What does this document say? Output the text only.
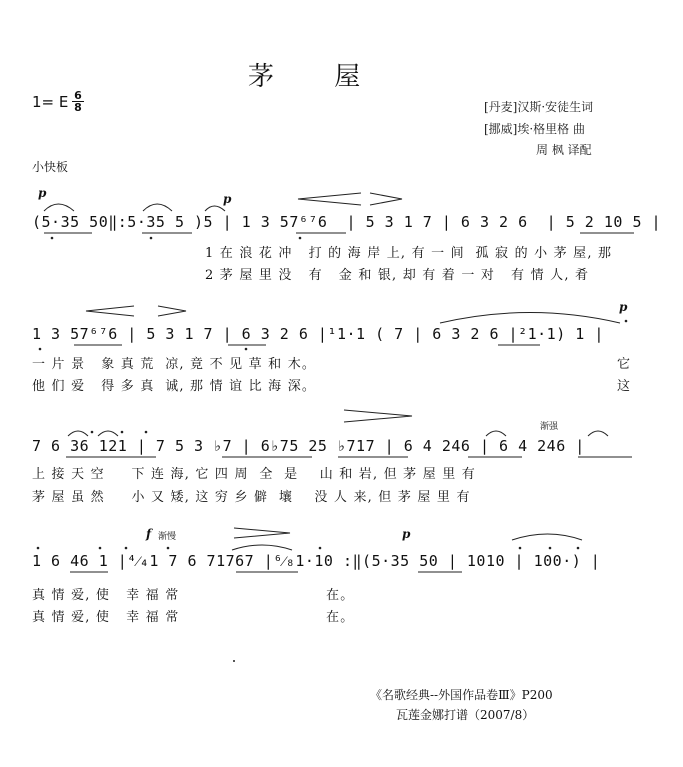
茅 屋
1= E 6
8	[丹麦]汉斯·安徒生词
[挪威]埃·格里格 曲
周 枫 译配
小快板
p	p
(5·35 50‖:5·35 5 )5 | 1 3 57⁶⁷6  | 5 3 1 7 | 6 3 2 6  | 5 2 10 5 |
1 在 浪 花 冲   打 的 海 岸 上, 有 一 间  孤 寂 的 小 茅 屋, 那
2 茅 屋 里 没   有   金 和 银, 却 有 着 一 对   有 情 人, 肴
p
1 3 57⁶⁷6 | 5 3 1 7 | 6 3 2 6 |¹1·1 ( 7 | 6 3 2 6 |²1·1) 1 |
一 片 景   象 真 荒  凉, 竟 不 见 草 和 木。
他 们 爱   得 多 真  诚, 那 情 谊 比 海 深。
它
这
渐强
7 6 36 121 | 7 5 3 ♭7 | 6♭75 25 ♭717 | 6 4 246 | 6 4 246 |
上 接 天 空     下 连 海, 它 四 周  全  是    山 和 岩, 但 茅 屋 里 有
茅 屋 虽 然     小 又 矮, 这 穷 乡 僻  壤    没 人 来, 但 茅 屋 里 有
f 渐慢	p
1 6 46 1 |⁴⁄₄1 7 6 71767 |⁶⁄₈1·10 :‖(5·35 50 | 1010 | 100·) |
真 情 爱, 使   幸 福 常
真 情 爱, 使   幸 福 常
在。
在。
《名歌经典--外国作品卷Ⅲ》P200
瓦莲金娜打谱（2007/8）
